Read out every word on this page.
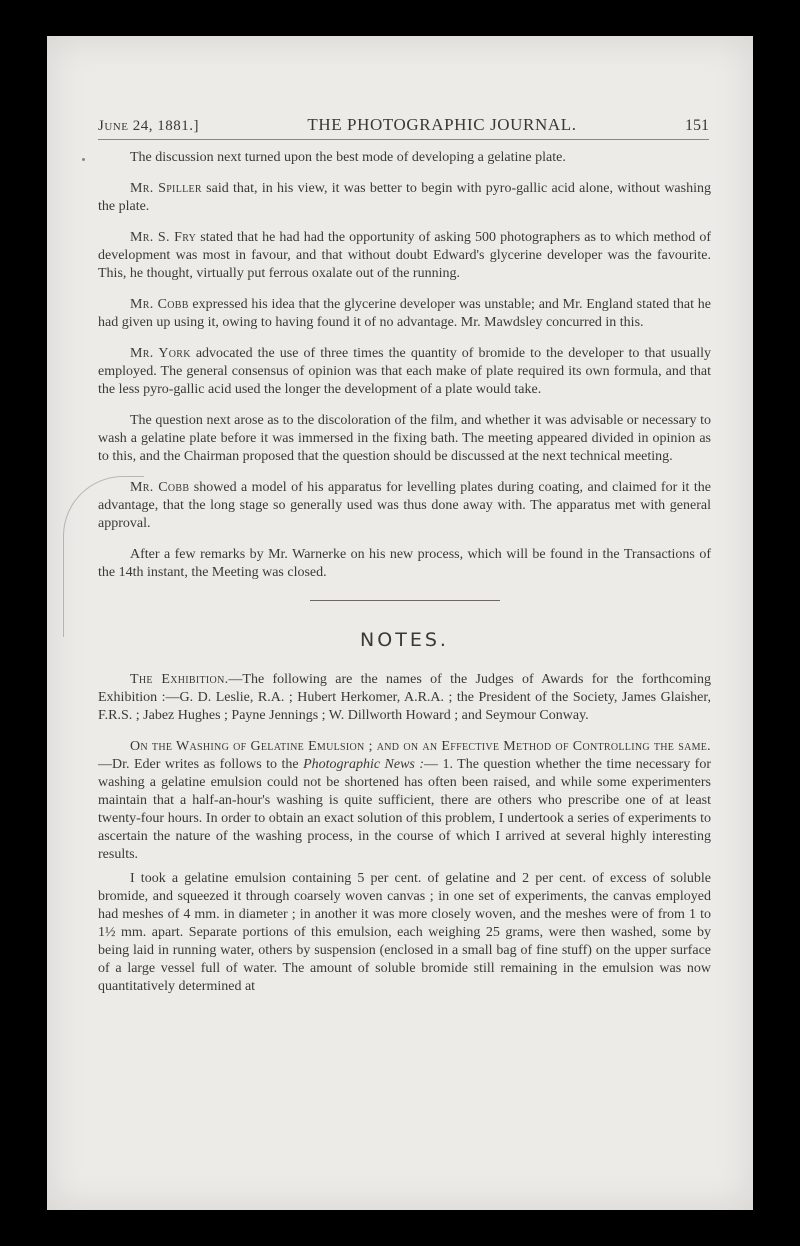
June 24, 1881.]	THE PHOTOGRAPHIC JOURNAL.	151

The discussion next turned upon the best mode of developing a gelatine plate.

Mr. Spiller said that, in his view, it was better to begin with pyro-gallic acid alone, without washing the plate.

Mr. S. Fry stated that he had had the opportunity of asking 500 photographers as to which method of development was most in favour, and that without doubt Edward's glycerine developer was the favourite. This, he thought, virtually put ferrous oxalate out of the running.

Mr. Cobb expressed his idea that the glycerine developer was unstable; and Mr. England stated that he had given up using it, owing to having found it of no advantage. Mr. Mawdsley concurred in this.

Mr. York advocated the use of three times the quantity of bromide to the developer to that usually employed. The general consensus of opinion was that each make of plate required its own formula, and that the less pyro-gallic acid used the longer the development of a plate would take.

The question next arose as to the discoloration of the film, and whether it was advisable or necessary to wash a gelatine plate before it was immersed in the fixing bath. The meeting appeared divided in opinion as to this, and the Chairman proposed that the question should be discussed at the next technical meeting.

Mr. Cobb showed a model of his apparatus for levelling plates during coating, and claimed for it the advantage, that the long stage so generally used was thus done away with. The apparatus met with general approval.

After a few remarks by Mr. Warnerke on his new process, which will be found in the Transactions of the 14th instant, the Meeting was closed.

NOTES.

The Exhibition.—The following are the names of the Judges of Awards for the forthcoming Exhibition :—G. D. Leslie, R.A. ; Hubert Herkomer, A.R.A. ; the President of the Society, James Glaisher, F.R.S. ; Jabez Hughes ; Payne Jennings ; W. Dillworth Howard ; and Seymour Conway.

On the Washing of Gelatine Emulsion ; and on an Effective Method of Controlling the same.—Dr. Eder writes as follows to the Photographic News :— 1. The question whether the time necessary for washing a gelatine emulsion could not be shortened has often been raised, and while some experimenters maintain that a half-an-hour's washing is quite sufficient, there are others who prescribe one of at least twenty-four hours. In order to obtain an exact solution of this problem, I undertook a series of experiments to ascertain the nature of the washing process, in the course of which I arrived at several highly interesting results.

I took a gelatine emulsion containing 5 per cent. of gelatine and 2 per cent. of excess of soluble bromide, and squeezed it through coarsely woven canvas ; in one set of experiments, the canvas employed had meshes of 4 mm. in diameter ; in another it was more closely woven, and the meshes were of from 1 to 1½ mm. apart. Separate portions of this emulsion, each weighing 25 grams, were then washed, some by being laid in running water, others by suspension (enclosed in a small bag of fine stuff) on the upper surface of a large vessel full of water. The amount of soluble bromide still remaining in the emulsion was now quantitatively determined at
